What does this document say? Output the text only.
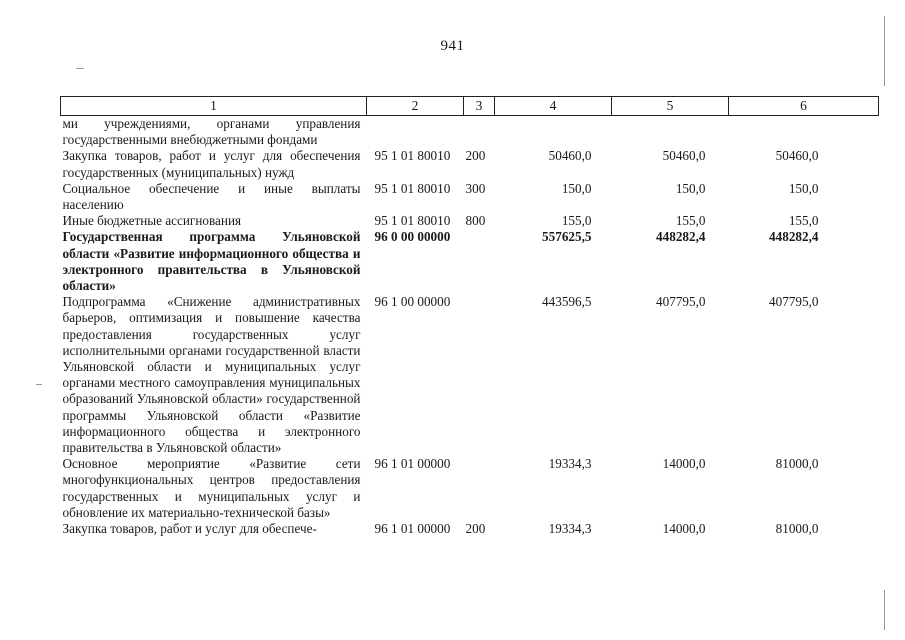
941
1	2	3	4	5	6
ми учреждениями, органами управления государственными внебюджетными фондами					
Закупка товаров, работ и услуг для обеспечения государственных (муниципальных) нужд	95 1 01 80010	200	50460,0	50460,0	50460,0
Социальное обеспечение и иные выплаты населению	95 1 01 80010	300	150,0	150,0	150,0
Иные бюджетные ассигнования	95 1 01 80010	800	155,0	155,0	155,0
Государственная программа Ульяновской области «Развитие информационного общества и электронного правительства в Ульяновской области»	96 0 00 00000		557625,5	448282,4	448282,4
Подпрограмма «Снижение административных барьеров, оптимизация и повышение качества предоставления государственных услуг исполнительными органами государственной власти Ульяновской области и муниципальных услуг органами местного самоуправления муниципальных образований Ульяновской области» государственной программы Ульяновской области «Развитие информационного общества и электронного правительства в Ульяновской области»	96 1 00 00000		443596,5	407795,0	407795,0
Основное мероприятие «Развитие сети многофункциональных центров предоставления государственных и муниципальных услуг и обновление их материально-технической базы»	96 1 01 00000		19334,3	14000,0	81000,0
Закупка товаров, работ и услуг для обеспече-	96 1 01 00000	200	19334,3	14000,0	81000,0
